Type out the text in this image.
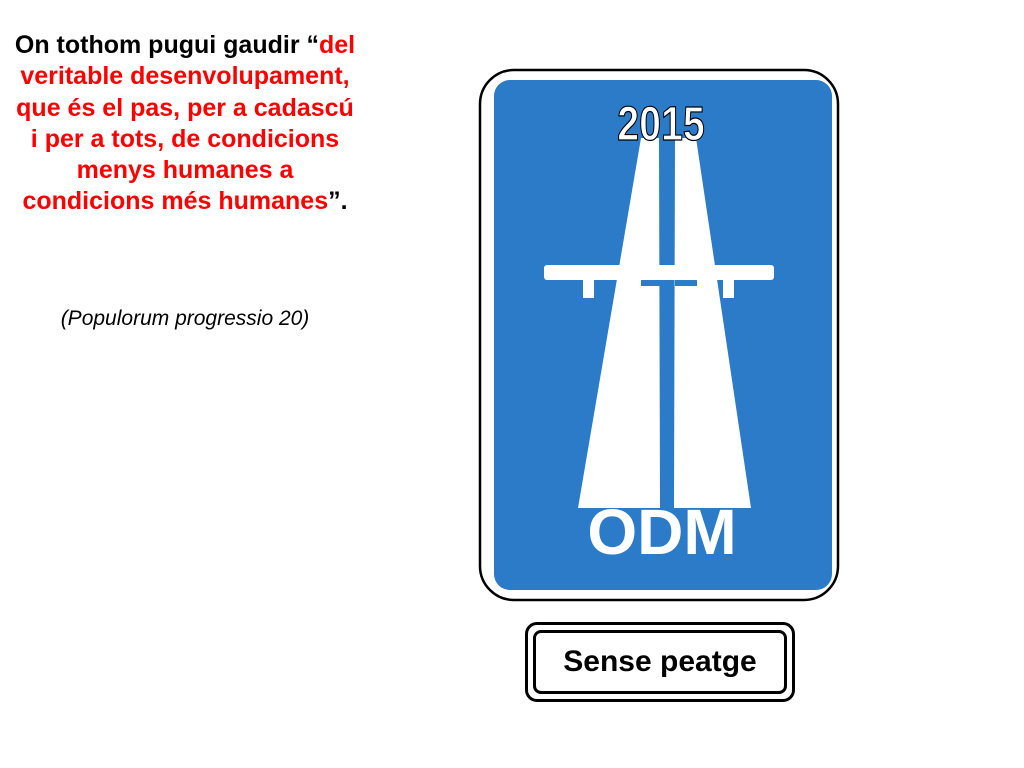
On tothom pugui gaudir “del veritable desenvolupament, que és el pas, per a cadascú i per a tots, de condicions menys humanes a condicions més humanes”.
(Populorum progressio 20)
2015
ODM
Sense peatge
